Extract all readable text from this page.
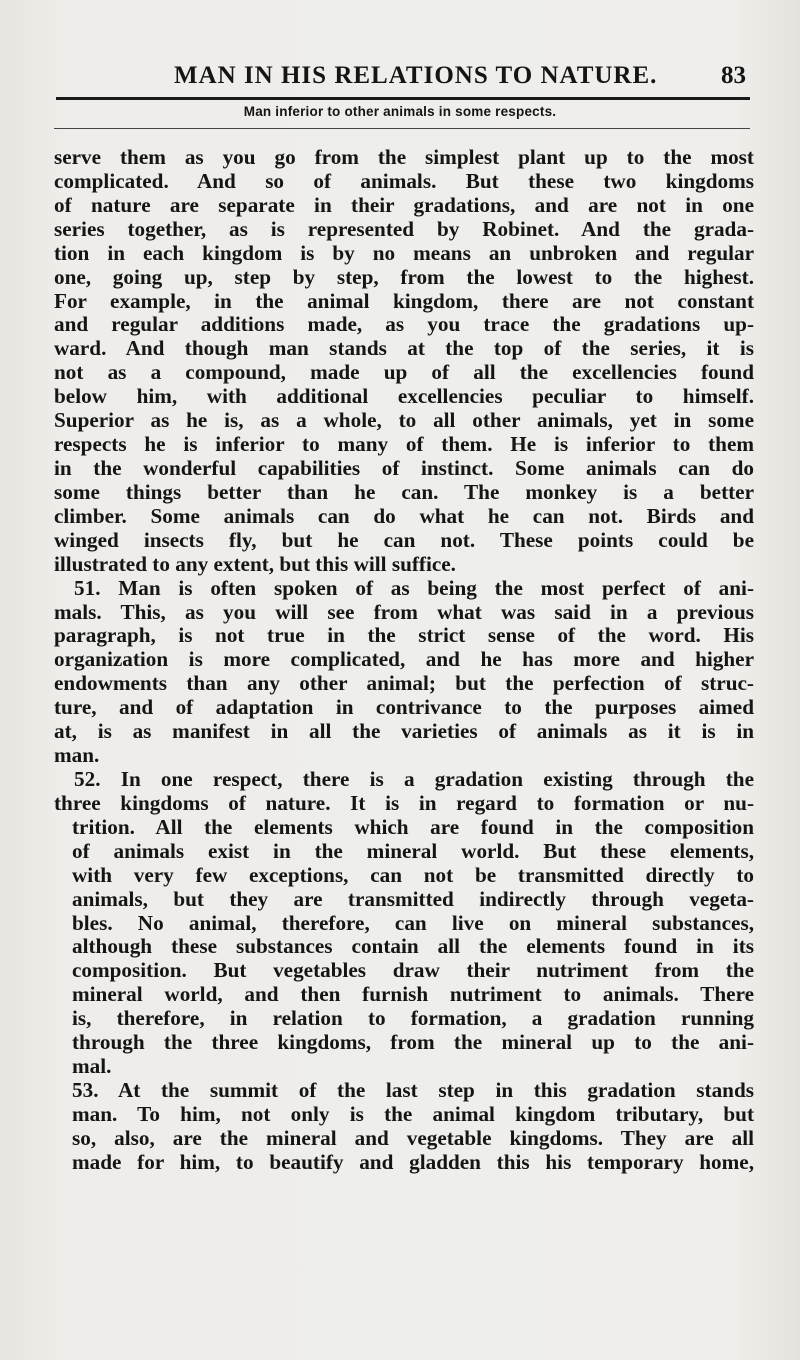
MAN IN HIS RELATIONS TO NATURE.	83
Man inferior to other animals in some respects.
serve them as you go from the simplest plant up to the most
complicated. And so of animals. But these two kingdoms
of nature are separate in their gradations, and are not in one
series together, as is represented by Robinet. And the grada-
tion in each kingdom is by no means an unbroken and regular
one, going up, step by step, from the lowest to the highest.
For example, in the animal kingdom, there are not constant
and regular additions made, as you trace the gradations up-
ward. And though man stands at the top of the series, it is
not as a compound, made up of all the excellencies found
below him, with additional excellencies peculiar to himself.
Superior as he is, as a whole, to all other animals, yet in some
respects he is inferior to many of them. He is inferior to them
in the wonderful capabilities of instinct. Some animals can do
some things better than he can. The monkey is a better
climber. Some animals can do what he can not. Birds and
winged insects fly, but he can not. These points could be
illustrated to any extent, but this will suffice.
51. Man is often spoken of as being the most perfect of ani-
mals. This, as you will see from what was said in a previous
paragraph, is not true in the strict sense of the word. His
organization is more complicated, and he has more and higher
endowments than any other animal; but the perfection of struc-
ture, and of adaptation in contrivance to the purposes aimed
at, is as manifest in all the varieties of animals as it is in
man.
52. In one respect, there is a gradation existing through the
three kingdoms of nature. It is in regard to formation or nu-
trition. All the elements which are found in the composition
of animals exist in the mineral world. But these elements,
with very few exceptions, can not be transmitted directly to
animals, but they are transmitted indirectly through vegeta-
bles. No animal, therefore, can live on mineral substances,
although these substances contain all the elements found in its
composition. But vegetables draw their nutriment from the
mineral world, and then furnish nutriment to animals. There
is, therefore, in relation to formation, a gradation running
through the three kingdoms, from the mineral up to the ani-
mal.
53. At the summit of the last step in this gradation stands
man. To him, not only is the animal kingdom tributary, but
so, also, are the mineral and vegetable kingdoms. They are all
made for him, to beautify and gladden this his temporary home,
